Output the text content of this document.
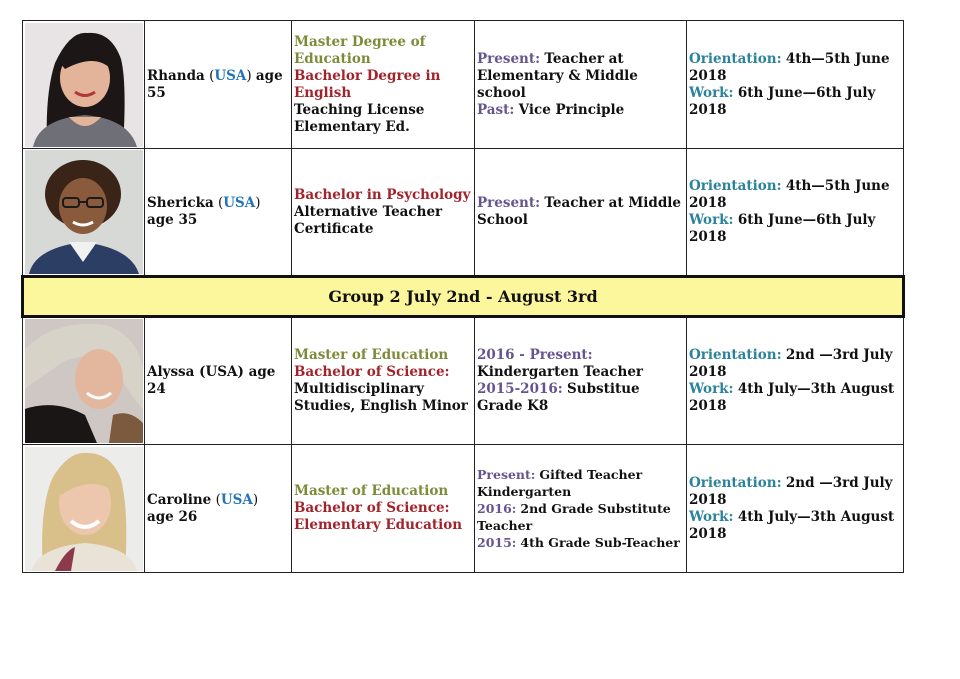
	Rhanda (USA) age 55	Master Degree of Education
Bachelor Degree in English
Teaching License Elementary Ed.	Present: Teacher at Elementary & Middle school
Past: Vice Principle	Orientation: 4th—5th June 2018
Work: 6th June—6th July 2018

	Shericka (USA) age 35	Bachelor in Psychology
Alternative Teacher Certificate	Present: Teacher at Middle School	Orientation: 4th—5th June 2018
Work: 6th June—6th July 2018

Group 2 July 2nd - August 3rd				

	Alyssa (USA) age 24	Master of Education
Bachelor of Science:
Multidisciplinary Studies, English Minor	2016 - Present:
Kindergarten Teacher
2015-2016: Substitue Grade K8	Orientation: 2nd —3rd July 2018
Work: 4th July—3th August 2018

	Caroline (USA) age 26	Master of Education
Bachelor of Science: Elementary Education	Present: Gifted Teacher Kindergarten
2016: 2nd Grade Substitute Teacher
2015: 4th Grade Sub-Teacher	Orientation: 2nd —3rd July 2018
Work: 4th July—3th August 2018
